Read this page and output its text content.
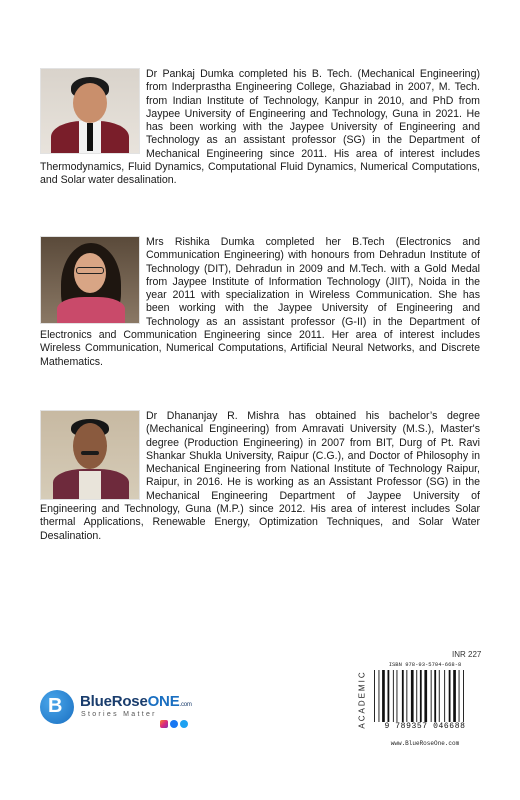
Dr Pankaj Dumka completed his B. Tech. (Mechanical Engineering) from Inderprastha Engineering College, Ghaziabad in 2007, M. Tech. from Indian Institute of Technology, Kanpur in 2010, and PhD from Jaypee University of Engineering and Technology, Guna in 2021. He has been working with the Jaypee University of Engineering and Technology as an assistant professor (SG) in the Department of Mechanical Engineering since 2011. His area of interest includes Thermodynamics, Fluid Dynamics, Computational Fluid Dynamics, Numerical Computations, and Solar water desalination.

Mrs Rishika Dumka completed her B.Tech (Electronics and Communication Engineering) with honours from Dehradun Institute of Technology (DIT), Dehradun in 2009 and M.Tech. with a Gold Medal from Jaypee Institute of Information Technology (JIIT), Noida in the year 2011 with specialization in Wireless Communication. She has been working with the Jaypee University of Engineering and Technology as an assistant professor (G-II) in the Department of Electronics and Communication Engineering since 2011. Her area of interest includes Wireless Communication, Numerical Computations, Artificial Neural Networks, and Discrete Mathematics.

Dr Dhananjay R. Mishra has obtained his bachelor’s degree (Mechanical Engineering) from Amravati University (M.S.), Master's degree (Production Engineering) in 2007 from BIT, Durg of Pt. Ravi Shankar Shukla University, Raipur (C.G.), and Doctor of Philosophy in Mechanical Engineering from National Institute of Technology Raipur, Raipur, in 2016. He is working as an Assistant Professor (SG) in the Mechanical Engineering Department of Jaypee University of Engineering and Technology, Guna (M.P.) since 2012. His area of interest includes Solar thermal Applications, Renewable Energy, Optimization Techniques, and Solar Water Desalination.

B BlueRoseONE.com
Stories Matter
INR 227
ACADEMIC
ISBN 978-93-5704-668-8
9 789357 046688
www.BlueRoseOne.com
